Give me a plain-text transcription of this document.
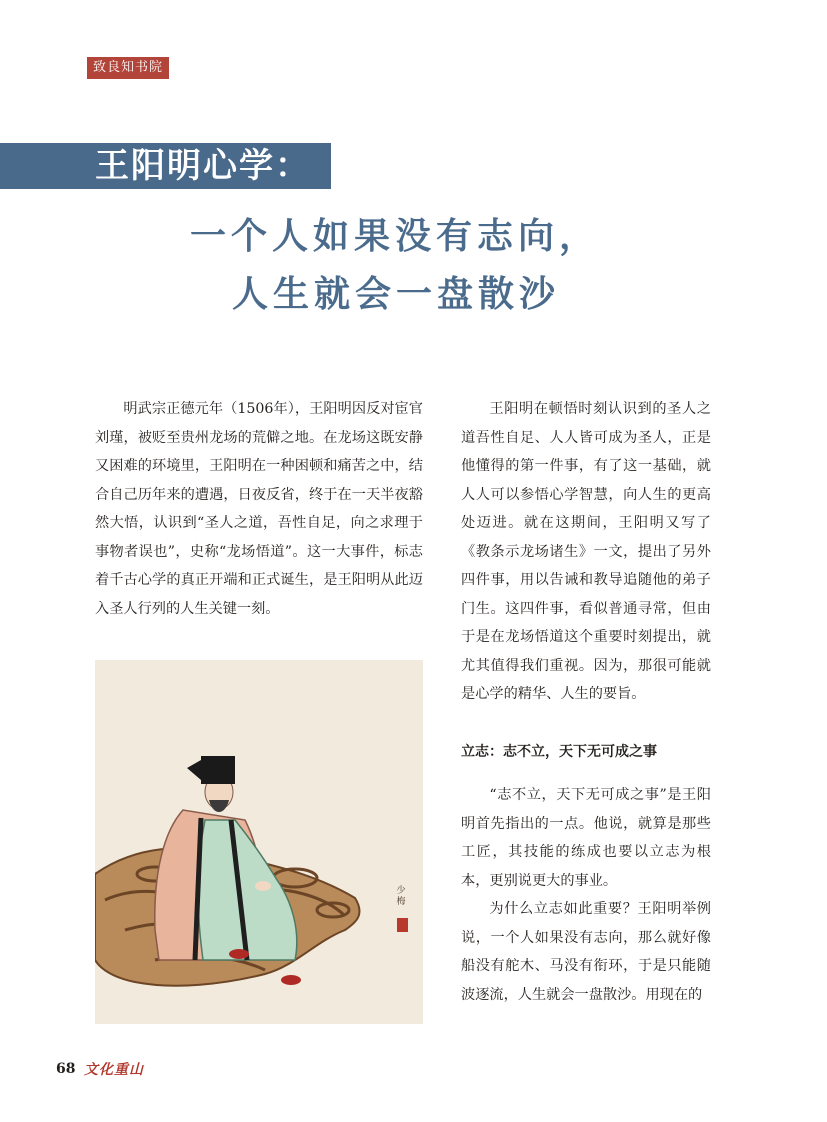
致良知书院
王阳明心学：
一个人如果没有志向，
人生就会一盘散沙

明武宗正德元年（1506年），王阳明因反对宦官刘瑾，被贬至贵州龙场的荒僻之地。在龙场这既安静又困难的环境里，王阳明在一种困顿和痛苦之中，结合自己历年来的遭遇，日夜反省，终于在一天半夜豁然大悟，认识到“圣人之道，吾性自足，向之求理于事物者误也”，史称“龙场悟道”。这一大事件，标志着千古心学的真正开端和正式诞生，是王阳明从此迈入圣人行列的人生关键一刻。

少梅

王阳明在顿悟时刻认识到的圣人之道吾性自足、人人皆可成为圣人，正是他懂得的第一件事，有了这一基础，就人人可以参悟心学智慧，向人生的更高处迈进。就在这期间，王阳明又写了《教条示龙场诸生》一文，提出了另外四件事，用以告诫和教导追随他的弟子门生。这四件事，看似普通寻常，但由于是在龙场悟道这个重要时刻提出，就尤其值得我们重视。因为，那很可能就是心学的精华、人生的要旨。

立志：志不立，天下无可成之事

“志不立，天下无可成之事”是王阳明首先指出的一点。他说，就算是那些工匠，其技能的练成也要以立志为根本，更别说更大的事业。

为什么立志如此重要？王阳明举例说，一个人如果没有志向，那么就好像船没有舵木、马没有衔环，于是只能随波逐流，人生就会一盘散沙。用现在的

68 文化重山
